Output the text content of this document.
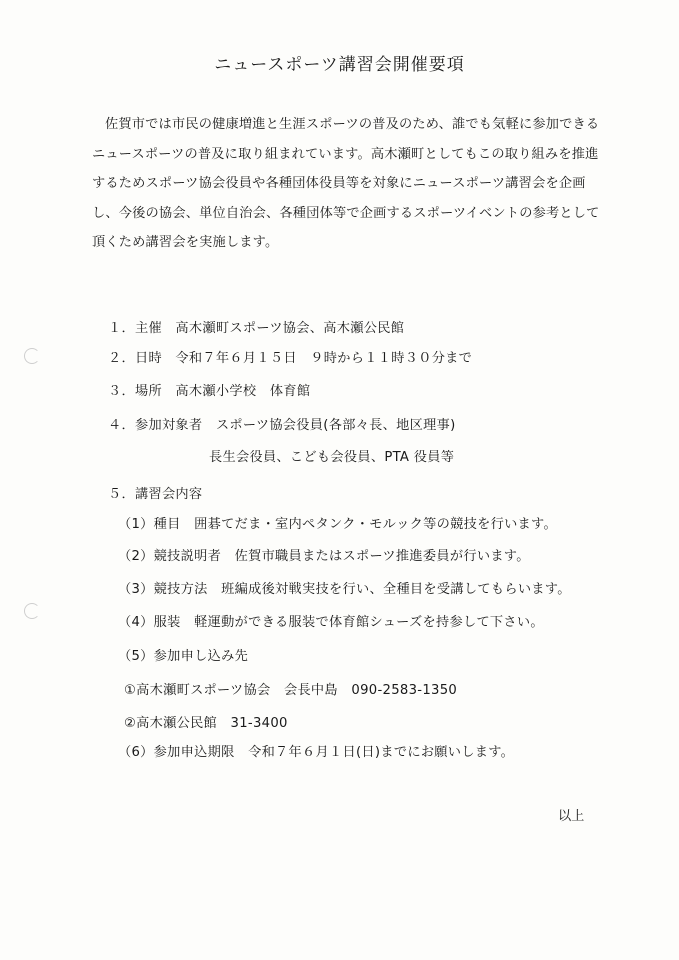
ニュースポーツ講習会開催要項
佐賀市では市民の健康増進と生涯スポーツの普及のため、誰でも気軽に参加できる
ニュースポーツの普及に取り組まれています。高木瀬町としてもこの取り組みを推進
するためスポーツ協会役員や各種団体役員等を対象にニュースポーツ講習会を企画
し、今後の協会、単位自治会、各種団体等で企画するスポーツイベントの参考として
頂くため講習会を実施します。
１．主催　高木瀬町スポーツ協会、高木瀬公民館
２．日時　令和７年６月１５日　９時から１１時３０分まで
３．場所　高木瀬小学校　体育館
４．参加対象者　スポーツ協会役員(各部々長、地区理事)
長生会役員、こども会役員、PTA 役員等
５．講習会内容
（1）種目　囲碁てだま・室内ペタンク・モルック等の競技を行います。
（2）競技説明者　佐賀市職員またはスポーツ推進委員が行います。
（3）競技方法　班編成後対戦実技を行い、全種目を受講してもらいます。
（4）服装　軽運動ができる服装で体育館シューズを持参して下さい。
（5）参加申し込み先
①高木瀬町スポーツ協会　会長中島　090-2583-1350
②高木瀬公民館　31-3400
（6）参加申込期限　令和７年６月１日(日)までにお願いします。
以上
